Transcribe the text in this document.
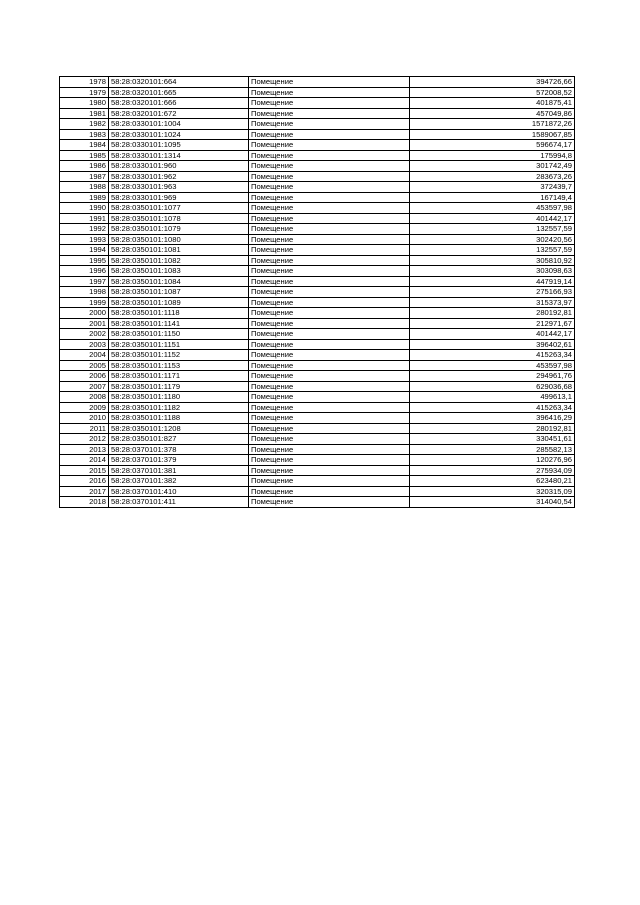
1978	58:28:0320101:664	Помещение	394726,66
1979	58:28:0320101:665	Помещение	572008,52
1980	58:28:0320101:666	Помещение	401875,41
1981	58:28:0320101:672	Помещение	457049,86
1982	58:28:0330101:1004	Помещение	1571872,26
1983	58:28:0330101:1024	Помещение	1589067,85
1984	58:28:0330101:1095	Помещение	596674,17
1985	58:28:0330101:1314	Помещение	175994,8
1986	58:28:0330101:960	Помещение	301742,49
1987	58:28:0330101:962	Помещение	283673,26
1988	58:28:0330101:963	Помещение	372439,7
1989	58:28:0330101:969	Помещение	167149,4
1990	58:28:0350101:1077	Помещение	453597,98
1991	58:28:0350101:1078	Помещение	401442,17
1992	58:28:0350101:1079	Помещение	132557,59
1993	58:28:0350101:1080	Помещение	302420,56
1994	58:28:0350101:1081	Помещение	132557,59
1995	58:28:0350101:1082	Помещение	305810,92
1996	58:28:0350101:1083	Помещение	303098,63
1997	58:28:0350101:1084	Помещение	447919,14
1998	58:28:0350101:1087	Помещение	275166,93
1999	58:28:0350101:1089	Помещение	315373,97
2000	58:28:0350101:1118	Помещение	280192,81
2001	58:28:0350101:1141	Помещение	212971,67
2002	58:28:0350101:1150	Помещение	401442,17
2003	58:28:0350101:1151	Помещение	396402,61
2004	58:28:0350101:1152	Помещение	415263,34
2005	58:28:0350101:1153	Помещение	453597,98
2006	58:28:0350101:1171	Помещение	294961,76
2007	58:28:0350101:1179	Помещение	629036,68
2008	58:28:0350101:1180	Помещение	499613,1
2009	58:28:0350101:1182	Помещение	415263,34
2010	58:28:0350101:1188	Помещение	396416,29
2011	58:28:0350101:1208	Помещение	280192,81
2012	58:28:0350101:827	Помещение	330451,61
2013	58:28:0370101:378	Помещение	285582,13
2014	58:28:0370101:379	Помещение	120276,96
2015	58:28:0370101:381	Помещение	275934,09
2016	58:28:0370101:382	Помещение	623480,21
2017	58:28:0370101:410	Помещение	320315,09
2018	58:28:0370101:411	Помещение	314040,54
